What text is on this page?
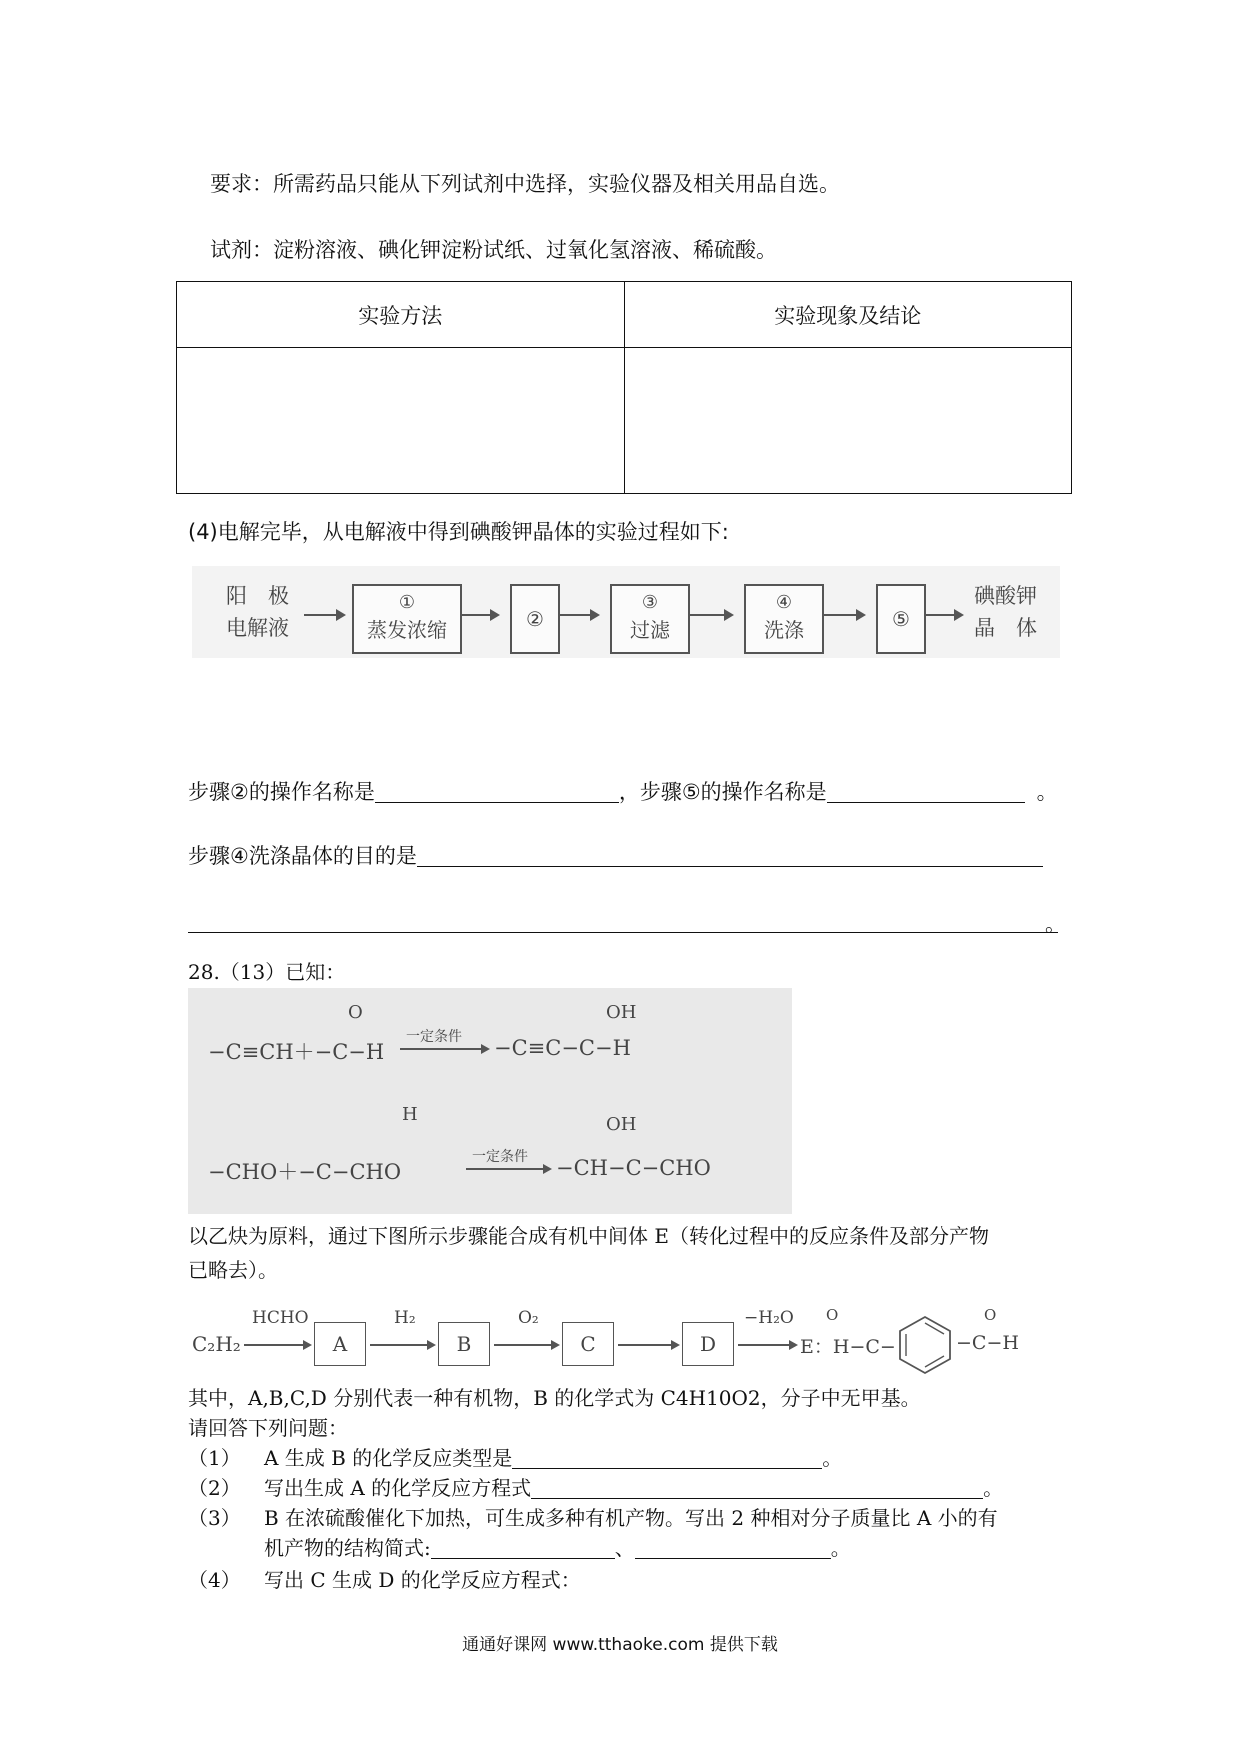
要求：所需药品只能从下列试剂中选择，实验仪器及相关用品自选。
试剂：淀粉溶液、碘化钾淀粉试纸、过氧化氢溶液、稀硫酸。
实验方法	实验现象及结论

(4)电解完毕，从电解液中得到碘酸钾晶体的实验过程如下:
阳　极
电解液
①
蒸发浓缩	②
③
过滤
④
洗涤	⑤
碘酸钾
晶　体
步骤②的操作名称是	，步骤⑤的操作名称是	。
步骤④洗涤晶体的目的是
。
28.（13）已知：
O
−C≡CH＋−C−H
一定条件
OH
−C≡C−C−H
H	OH
−CHO＋−C−CHO
一定条件 −CH−C−CHO
以乙炔为原料，通过下图所示步骤能合成有机中间体 E（转化过程中的反应条件及部分产物
已略去）。
C₂H₂
HCHO
A
H₂
B
O₂
C	D
−H₂O O
E：H−C−
O
−C−H
其中，A,B,C,D 分别代表一种有机物，B 的化学式为 C4H10O2，分子中无甲基。
请回答下列问题：
（1） A 生成 B 的化学反应类型是	。
（2） 写出生成 A 的化学反应方程式	。
（3） B 在浓硫酸催化下加热，可生成多种有机产物。写出 2 种相对分子质量比 A 小的有
机产物的结构简式:	、	。
（4） 写出 C 生成 D 的化学反应方程式：
通通好课网 www.tthaoke.com 提供下载
